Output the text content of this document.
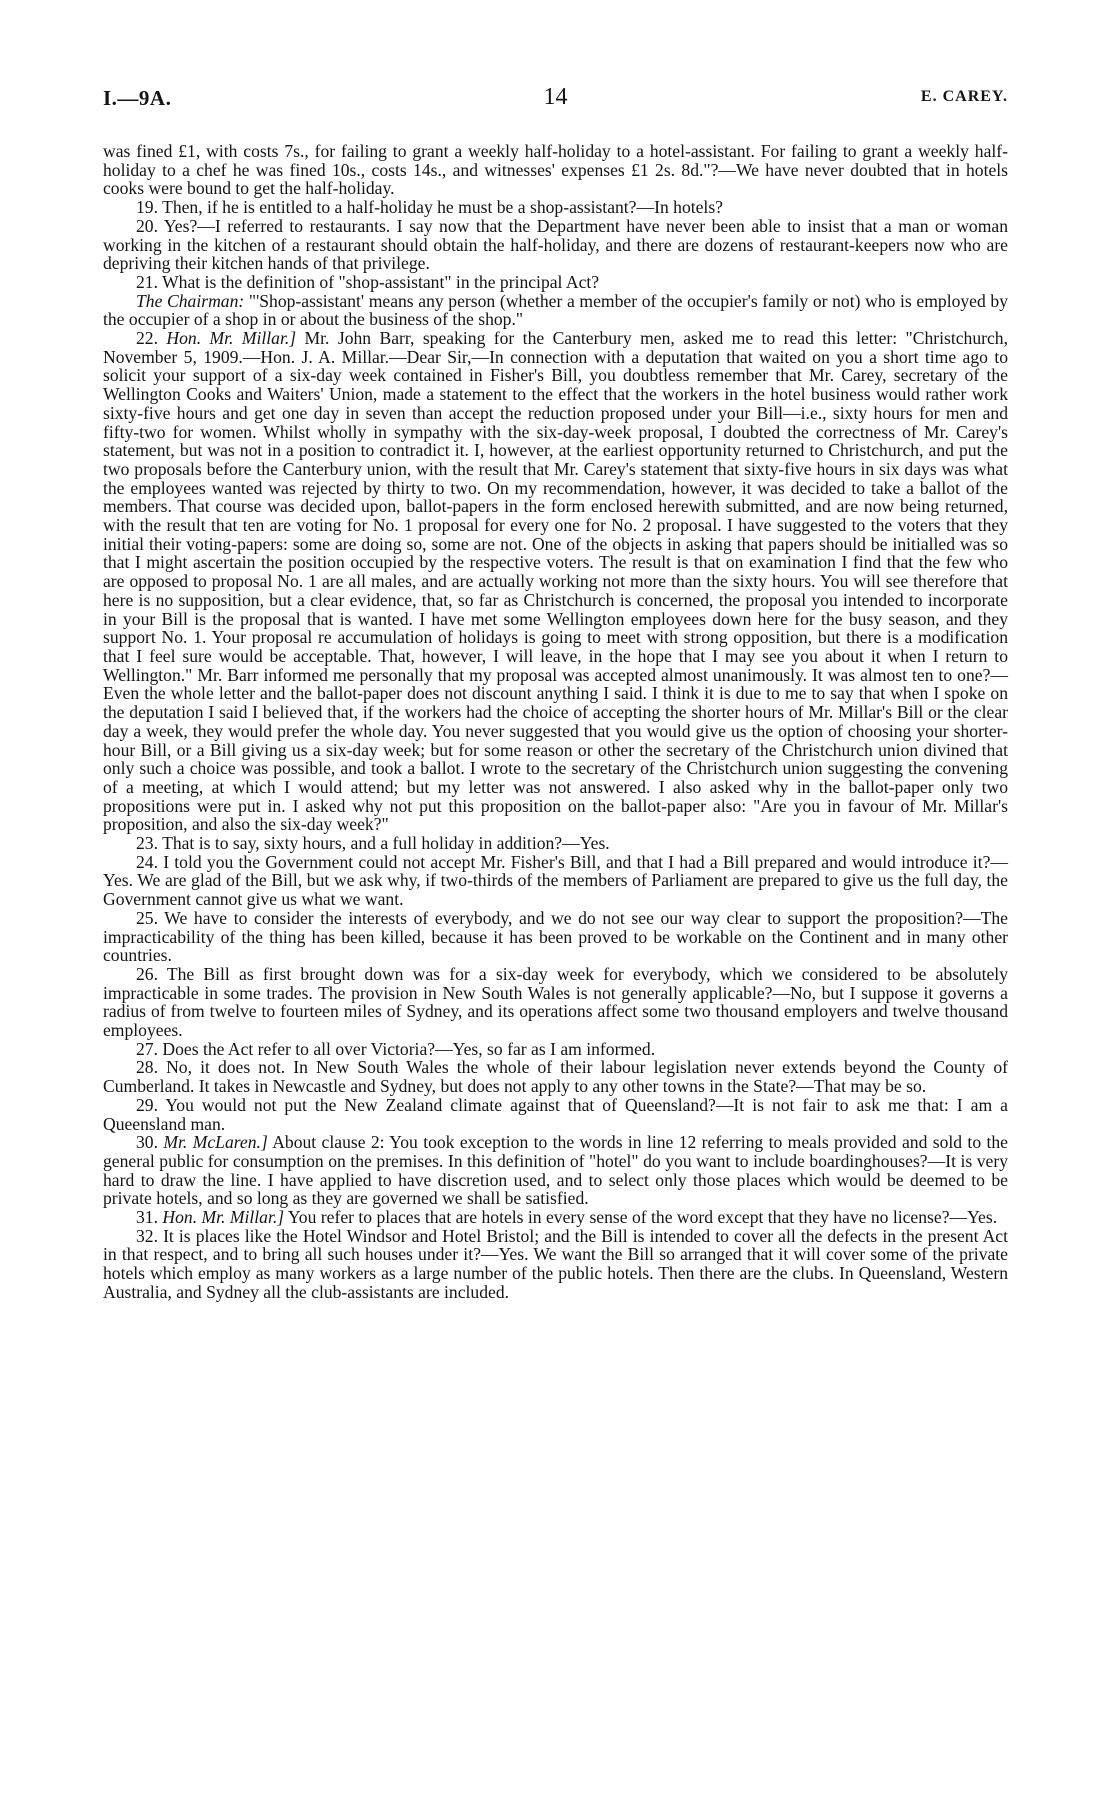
I.—9A.	14	E. CAREY.

was fined £1, with costs 7s., for failing to grant a weekly half-holiday to a hotel-assistant. For failing to grant a weekly half-holiday to a chef he was fined 10s., costs 14s., and witnesses' expenses £1 2s. 8d."?—We have never doubted that in hotels cooks were bound to get the half-holiday.

19. Then, if he is entitled to a half-holiday he must be a shop-assistant?—In hotels?

20. Yes?—I referred to restaurants. I say now that the Department have never been able to insist that a man or woman working in the kitchen of a restaurant should obtain the half-holiday, and there are dozens of restaurant-keepers now who are depriving their kitchen hands of that privilege.

21. What is the definition of "shop-assistant" in the principal Act?

The Chairman: "'Shop-assistant' means any person (whether a member of the occupier's family or not) who is employed by the occupier of a shop in or about the business of the shop."

22. Hon. Mr. Millar.] Mr. John Barr, speaking for the Canterbury men, asked me to read this letter: "Christchurch, November 5, 1909.—Hon. J. A. Millar.—Dear Sir,—In connection with a deputation that waited on you a short time ago to solicit your support of a six-day week contained in Fisher's Bill, you doubtless remember that Mr. Carey, secretary of the Wellington Cooks and Waiters' Union, made a statement to the effect that the workers in the hotel business would rather work sixty-five hours and get one day in seven than accept the reduction proposed under your Bill—i.e., sixty hours for men and fifty-two for women. Whilst wholly in sympathy with the six-day-week proposal, I doubted the correctness of Mr. Carey's statement, but was not in a position to contradict it. I, however, at the earliest opportunity returned to Christchurch, and put the two proposals before the Canterbury union, with the result that Mr. Carey's statement that sixty-five hours in six days was what the employees wanted was rejected by thirty to two. On my recommendation, however, it was decided to take a ballot of the members. That course was decided upon, ballot-papers in the form enclosed herewith submitted, and are now being returned, with the result that ten are voting for No. 1 proposal for every one for No. 2 proposal. I have suggested to the voters that they initial their voting-papers: some are doing so, some are not. One of the objects in asking that papers should be initialled was so that I might ascertain the position occupied by the respective voters. The result is that on examination I find that the few who are opposed to proposal No. 1 are all males, and are actually working not more than the sixty hours. You will see therefore that here is no supposition, but a clear evidence, that, so far as Christchurch is concerned, the proposal you intended to incorporate in your Bill is the proposal that is wanted. I have met some Wellington employees down here for the busy season, and they support No. 1. Your proposal re accumulation of holidays is going to meet with strong opposition, but there is a modification that I feel sure would be acceptable. That, however, I will leave, in the hope that I may see you about it when I return to Wellington." Mr. Barr informed me personally that my proposal was accepted almost unanimously. It was almost ten to one?—Even the whole letter and the ballot-paper does not discount anything I said. I think it is due to me to say that when I spoke on the deputation I said I believed that, if the workers had the choice of accepting the shorter hours of Mr. Millar's Bill or the clear day a week, they would prefer the whole day. You never suggested that you would give us the option of choosing your shorter-hour Bill, or a Bill giving us a six-day week; but for some reason or other the secretary of the Christchurch union divined that only such a choice was possible, and took a ballot. I wrote to the secretary of the Christchurch union suggesting the convening of a meeting, at which I would attend; but my letter was not answered. I also asked why in the ballot-paper only two propositions were put in. I asked why not put this proposition on the ballot-paper also: "Are you in favour of Mr. Millar's proposition, and also the six-day week?"

23. That is to say, sixty hours, and a full holiday in addition?—Yes.

24. I told you the Government could not accept Mr. Fisher's Bill, and that I had a Bill prepared and would introduce it?—Yes. We are glad of the Bill, but we ask why, if two-thirds of the members of Parliament are prepared to give us the full day, the Government cannot give us what we want.

25. We have to consider the interests of everybody, and we do not see our way clear to support the proposition?—The impracticability of the thing has been killed, because it has been proved to be workable on the Continent and in many other countries.

26. The Bill as first brought down was for a six-day week for everybody, which we considered to be absolutely impracticable in some trades. The provision in New South Wales is not generally applicable?—No, but I suppose it governs a radius of from twelve to fourteen miles of Sydney, and its operations affect some two thousand employers and twelve thousand employees.

27. Does the Act refer to all over Victoria?—Yes, so far as I am informed.

28. No, it does not. In New South Wales the whole of their labour legislation never extends beyond the County of Cumberland. It takes in Newcastle and Sydney, but does not apply to any other towns in the State?—That may be so.

29. You would not put the New Zealand climate against that of Queensland?—It is not fair to ask me that: I am a Queensland man.

30. Mr. McLaren.] About clause 2: You took exception to the words in line 12 referring to meals provided and sold to the general public for consumption on the premises. In this definition of "hotel" do you want to include boardinghouses?—It is very hard to draw the line. I have applied to have discretion used, and to select only those places which would be deemed to be private hotels, and so long as they are governed we shall be satisfied.

31. Hon. Mr. Millar.] You refer to places that are hotels in every sense of the word except that they have no license?—Yes.

32. It is places like the Hotel Windsor and Hotel Bristol; and the Bill is intended to cover all the defects in the present Act in that respect, and to bring all such houses under it?—Yes. We want the Bill so arranged that it will cover some of the private hotels which employ as many workers as a large number of the public hotels. Then there are the clubs. In Queensland, Western Australia, and Sydney all the club-assistants are included.
